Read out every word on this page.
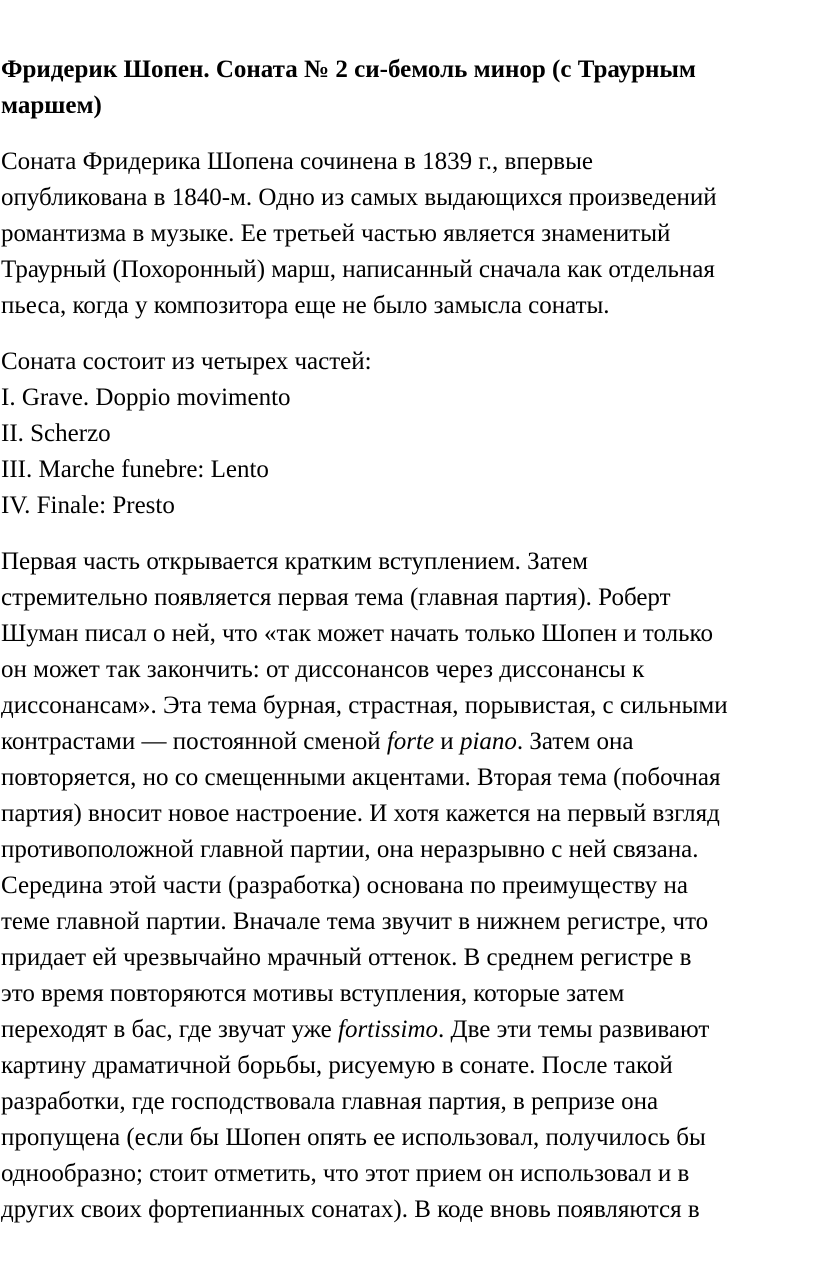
Фридерик Шопен. Соната № 2 си-бемоль минор (с Траурным
маршем)
Соната Фридерика Шопена сочинена в 1839 г., впервые
опубликована в 1840-м. Одно из самых выдающихся произведений
романтизма в музыке. Ее третьей частью является знаменитый
Траурный (Похоронный) марш, написанный сначала как отдельная
пьеса, когда у композитора еще не было замысла сонаты.
Соната состоит из четырех частей:
I. Grave. Doppio movimento
II. Scherzo
III. Marche funebre: Lento
IV. Finale: Presto
Первая часть открывается кратким вступлением. Затем
стремительно появляется первая тема (главная партия). Роберт
Шуман писал о ней, что «так может начать только Шопен и только
он может так закончить: от диссонансов через диссонансы к
диссонансам». Эта тема бурная, страстная, порывистая, с сильными
контрастами — постоянной сменой forte и piano. Затем она
повторяется, но со смещенными акцентами. Вторая тема (побочная
партия) вносит новое настроение. И хотя кажется на первый взгляд
противоположной главной партии, она неразрывно с ней связана.
Середина этой части (разработка) основана по преимуществу на
теме главной партии. Вначале тема звучит в нижнем регистре, что
придает ей чрезвычайно мрачный оттенок. В среднем регистре в
это время повторяются мотивы вступления, которые затем
переходят в бас, где звучат уже fortissimo. Две эти темы развивают
картину драматичной борьбы, рисуемую в сонате. После такой
разработки, где господствовала главная партия, в репризе она
пропущена (если бы Шопен опять ее использовал, получилось бы
однообразно; стоит отметить, что этот прием он использовал и в
других своих фортепианных сонатах). В коде вновь появляются в
